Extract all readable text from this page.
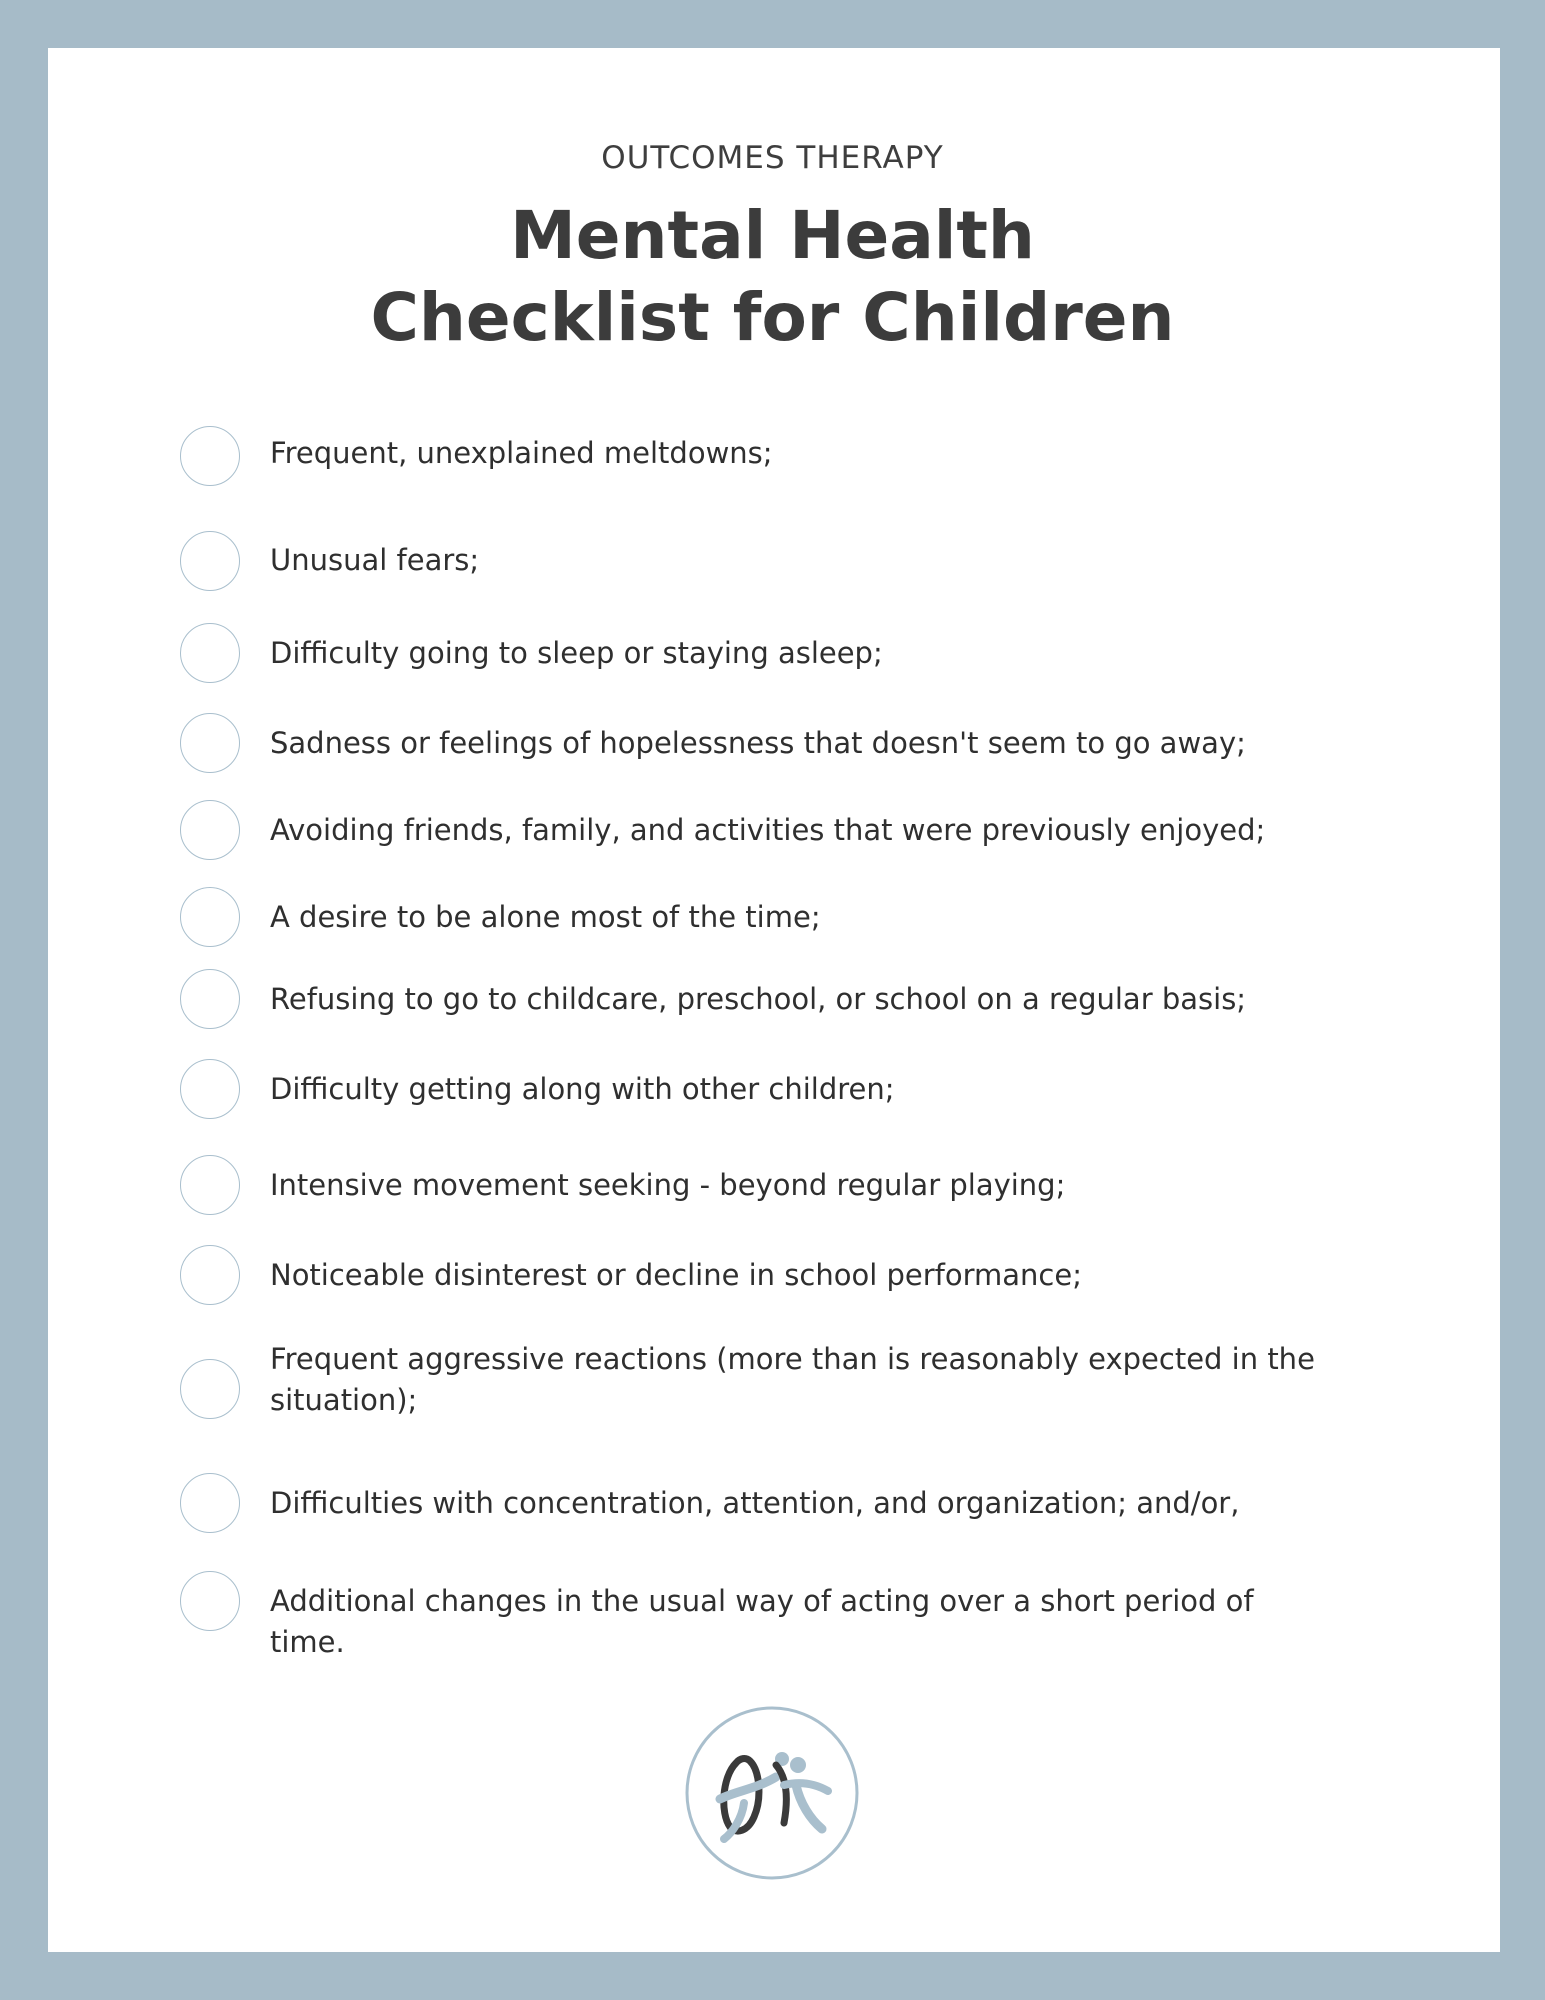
OUTCOMES THERAPY
Mental Health
Checklist for Children
Frequent, unexplained meltdowns;
Unusual fears;
Difficulty going to sleep or staying asleep;
Sadness or feelings of hopelessness that doesn't seem to go away;
Avoiding friends, family, and activities that were previously enjoyed;
A desire to be alone most of the time;
Refusing to go to childcare, preschool, or school on a regular basis;
Difficulty getting along with other children;
Intensive movement seeking - beyond regular playing;
Noticeable disinterest or decline in school performance;
Frequent aggressive reactions (more than is reasonably expected in the situation);
Difficulties with concentration, attention, and organization; and/or,
Additional changes in the usual way of acting over a short period of time.
